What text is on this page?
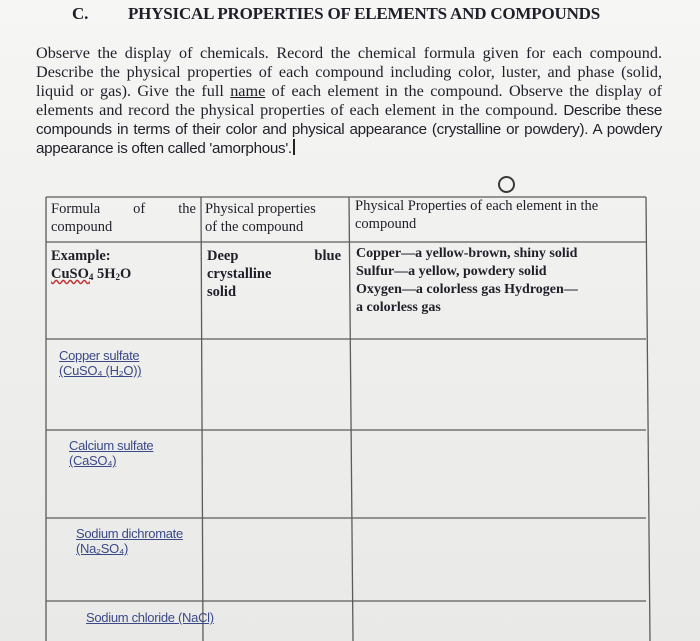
C. PHYSICAL PROPERTIES OF ELEMENTS AND COMPOUNDS
Observe the display of chemicals. Record the chemical formula given for each compound. Describe the physical properties of each compound including color, luster, and phase (solid, liquid or gas). Give the full name of each element in the compound. Observe the display of elements and record the physical properties of each element in the compound. Describe these compounds in terms of their color and physical appearance (crystalline or powdery). A powdery appearance is often called 'amorphous'.
Formula of the
compound
Physical properties
of the compound
Physical Properties of each element in the
compound
Example:
CuSO$_4$ $5H_2O$
Deep	blue
crystalline
solid
Copper—a yellow-brown, shiny solid
Sulfur—a yellow, powdery solid
Oxygen—a colorless gas Hydrogen—
a colorless gas
Copper sulfate
(CuSO₄ (H₂O))
Calcium sulfate
(CaSO₄)
Sodium dichromate
(Na₂SO₄)
Sodium chloride (NaCl)
